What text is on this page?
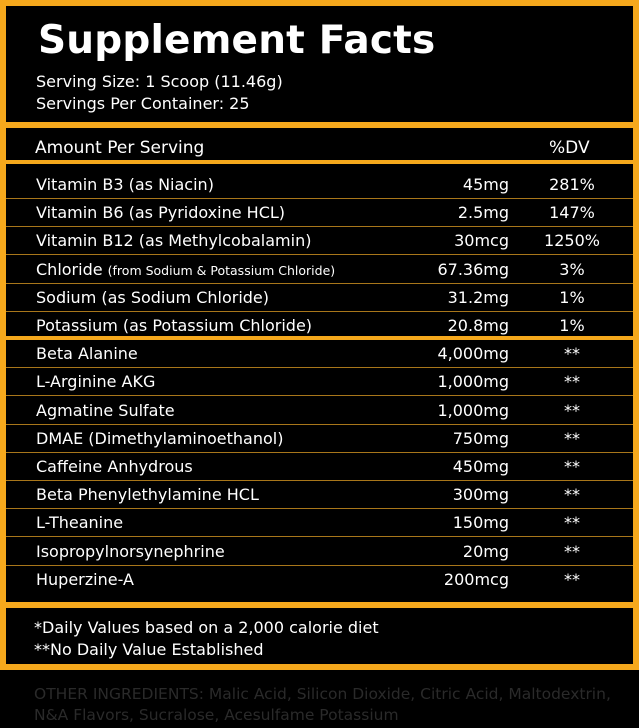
Supplement Facts
Serving Size: 1 Scoop (11.46g)
Servings Per Container: 25
Amount Per Serving	%DV
Vitamin B3 (as Niacin)	45mg	281%
Vitamin B6 (as Pyridoxine HCL)	2.5mg	147%
Vitamin B12 (as Methylcobalamin)	30mcg	1250%
Chloride (from Sodium & Potassium Chloride)	67.36mg	3%
Sodium (as Sodium Chloride)	31.2mg	1%
Potassium (as Potassium Chloride)	20.8mg	1%
Beta Alanine	4,000mg	**
L-Arginine AKG	1,000mg	**
Agmatine Sulfate	1,000mg	**
DMAE (Dimethylaminoethanol)	750mg	**
Caffeine Anhydrous	450mg	**
Beta Phenylethylamine HCL	300mg	**
L-Theanine	150mg	**
Isopropylnorsynephrine	20mg	**
Huperzine-A	200mcg	**
*Daily Values based on a 2,000 calorie diet
**No Daily Value Established
OTHER INGREDIENTS: Malic Acid, Silicon Dioxide, Citric Acid, Maltodextrin, N&A Flavors, Sucralose, Acesulfame Potassium
